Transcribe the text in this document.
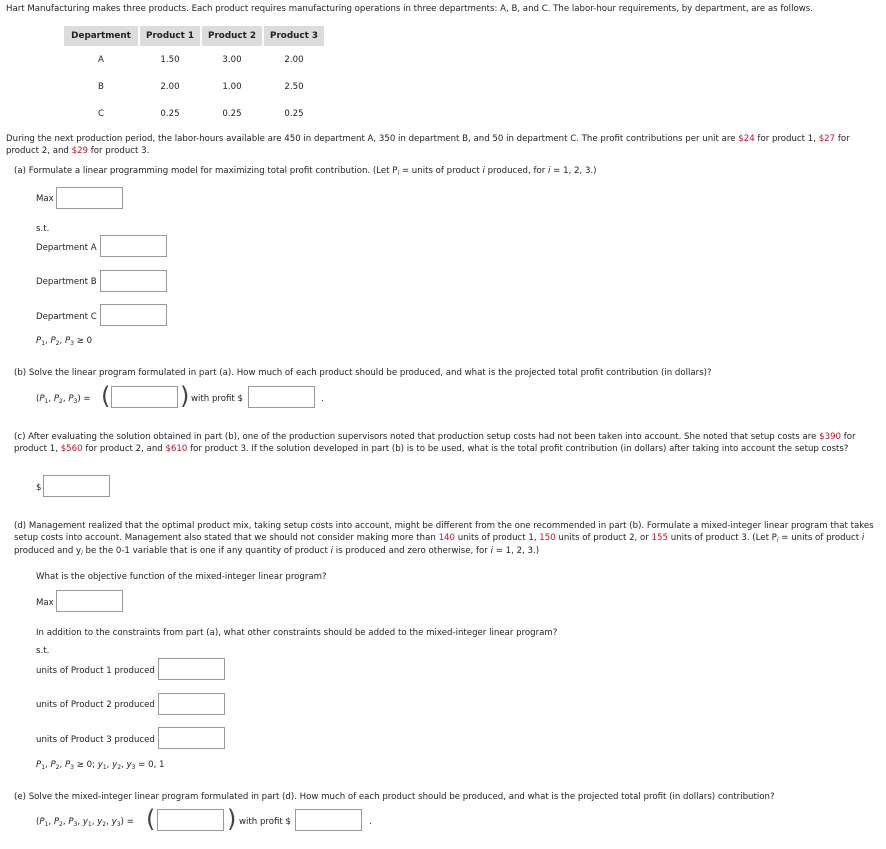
Hart Manufacturing makes three products. Each product requires manufacturing operations in three departments: A, B, and C. The labor-hour requirements, by department, are as follows.
Department	Product 1	Product 2	Product 3
A	1.50	3.00	2.00
B	2.00	1.00	2.50
C	0.25	0.25	0.25
During the next production period, the labor-hours available are 450 in department A, 350 in department B, and 50 in department C. The profit contributions per unit are $24 for product 1, $27 for product 2, and $29 for product 3.
(a) Formulate a linear programming model for maximizing total profit contribution. (Let $P_i$ = units of product i produced, for i = 1, 2, 3.)
Max
s.t.
Department A
Department B
Department C
$P_1$, $P_2$, $P_3 \ge 0$
(b) Solve the linear program formulated in part (a). How much of each product should be produced, and what is the projected total profit contribution (in dollars)?
($P_1$, $P_2$, $P_3$) = (	) with profit $	.
(c) After evaluating the solution obtained in part (b), one of the production supervisors noted that production setup costs had not been taken into account. She noted that setup costs are $390 for product 1, $560 for product 2, and $610 for product 3. If the solution developed in part (b) is to be used, what is the total profit contribution (in dollars) after taking into account the setup costs?
$
(d) Management realized that the optimal product mix, taking setup costs into account, might be different from the one recommended in part (b). Formulate a mixed-integer linear program that takes setup costs into account. Management also stated that we should not consider making more than 140 units of product 1, 150 units of product 2, or 155 units of product 3. (Let $P_i$ = units of product i produced and $y_i$ be the 0-1 variable that is one if any quantity of product i is produced and zero otherwise, for i = 1, 2, 3.)
What is the objective function of the mixed-integer linear program?
Max
In addition to the constraints from part (a), what other constraints should be added to the mixed-integer linear program?
s.t.
units of Product 1 produced
units of Product 2 produced
units of Product 3 produced
$P_1$, $P_2$, $P_3 \ge 0$; $y_1$, $y_2$, $y_3 = 0$, 1
(e) Solve the mixed-integer linear program formulated in part (d). How much of each product should be produced, and what is the projected total profit (in dollars) contribution?
($P_1$, $P_2$, $P_3$, $y_1$, $y_2$, $y_3$) = (	) with profit $	.
